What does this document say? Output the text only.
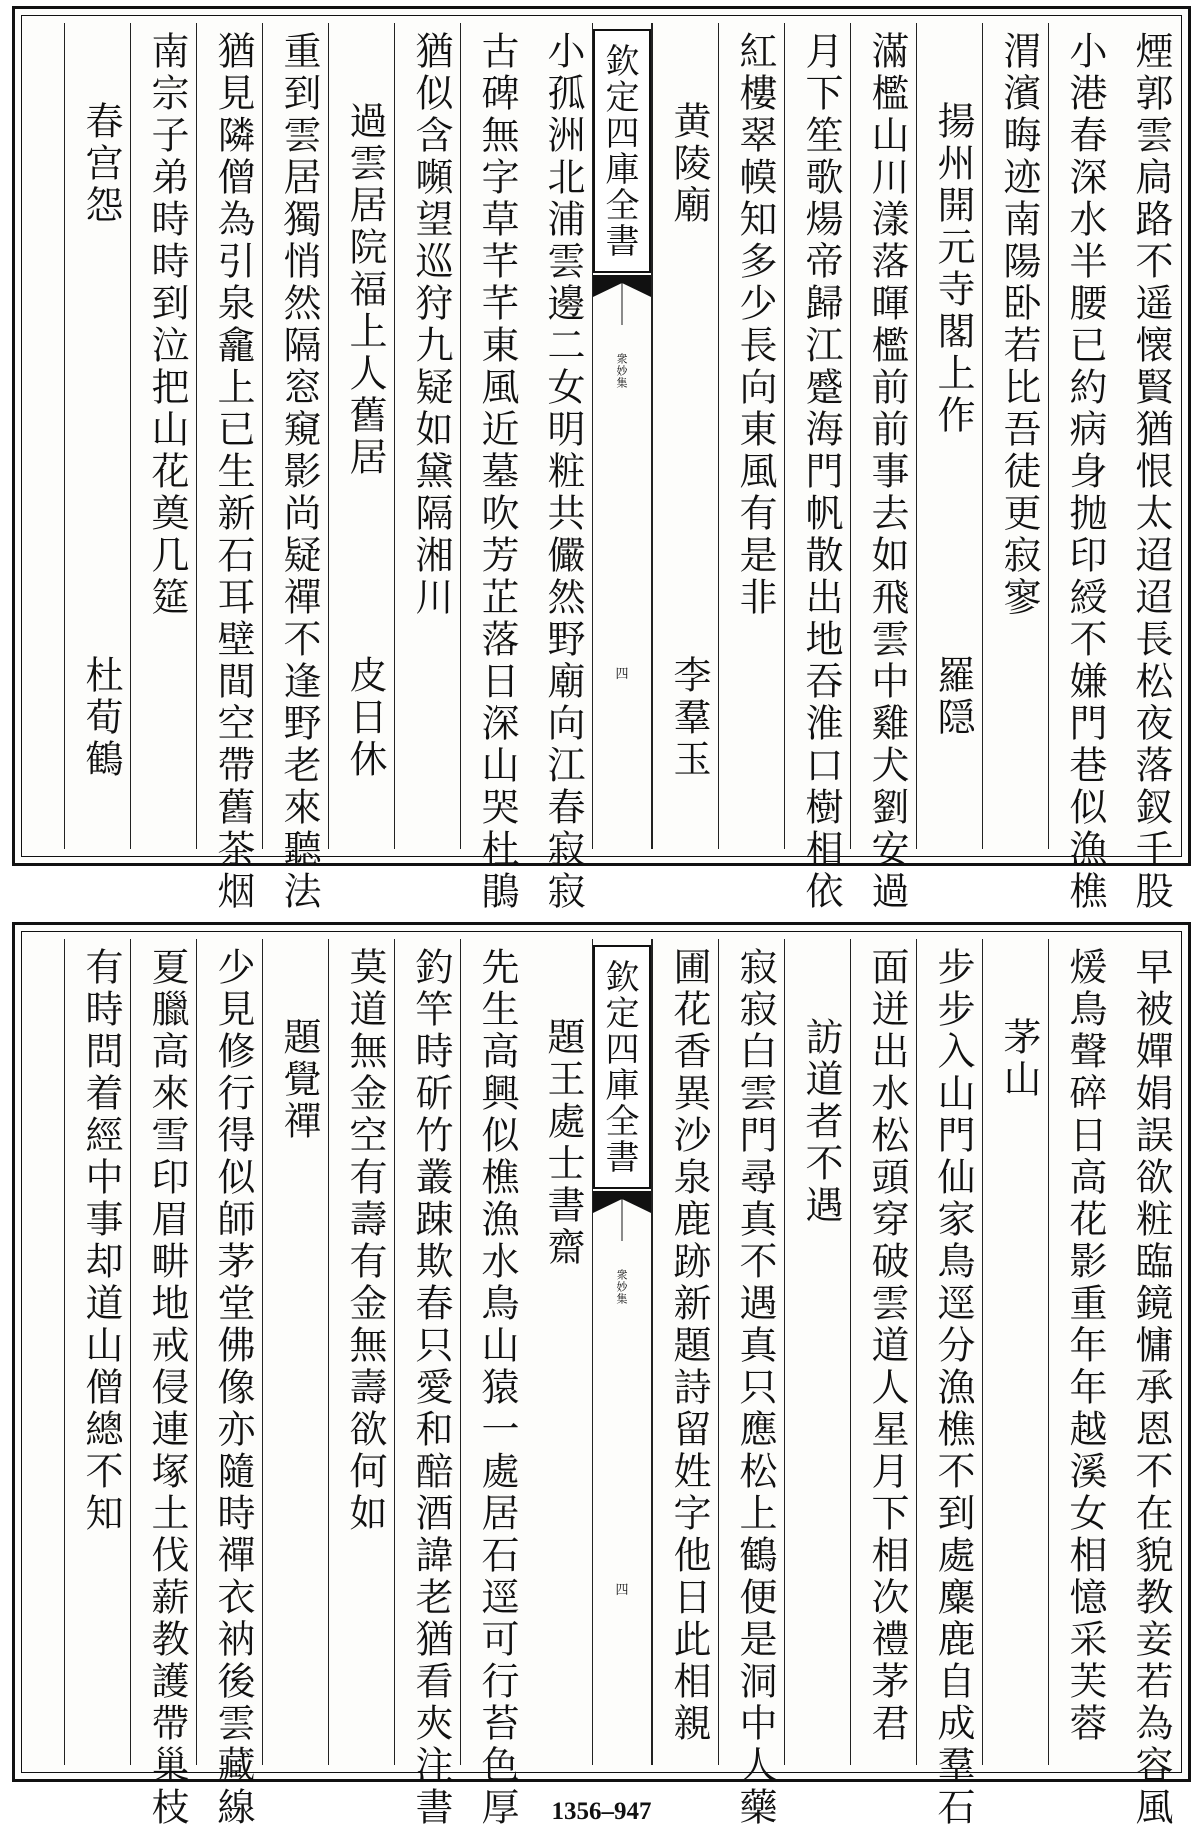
煙郭雲扃路不遥懐賢猶恨太迢迢長松夜落釵千股
小港春深水半腰已約病身抛印綬不嫌門巷似漁樵
渭濱晦迹南陽卧若比吾徒更寂寥
揚州開元寺閣上作
羅隠
滿檻山川漾落暉檻前前事去如飛雲中雞犬劉安過
月下笙歌煬帝歸江蹙海門帆散出地吞淮口樹相依
紅樓翠幙知多少長向東風有是非
黄陵廟
李羣玉
欽定四庫全書
衆妙集
四
小孤洲北浦雲邊二女明粧共儼然野廟向江春寂寂
古碑無字草芊芊東風近墓吹芳芷落日深山哭杜鵑
猶似含嚬望巡狩九疑如黛隔湘川
過雲居院福上人舊居
皮日休
重到雲居獨悄然隔窓窺影尚疑禪不逢野老來聽法
猶見隣僧為引泉龕上已生新石耳壁間空帶舊茶烟
南宗子弟時時到泣把山花奠几筵
春宫怨
杜荀鶴
早被嬋娟誤欲粧臨鏡慵承恩不在貌教妾若為容風
煖鳥聲碎日高花影重年年越溪女相憶采芙蓉
茅山
步步入山門仙家鳥逕分漁樵不到處麋鹿自成羣石
面迸出水松頭穿破雲道人星月下相次禮茅君
訪道者不遇
寂寂白雲門尋真不遇真只應松上鶴便是洞中人藥
圃花香異沙泉鹿跡新題詩留姓字他日此相親
欽定四庫全書
衆妙集
四
題王處士書齋
先生高興似樵漁水鳥山猿一處居石逕可行苔色厚
釣竿時斫竹叢踈欺春只愛和醅酒諱老猶看夾注書
莫道無金空有壽有金無壽欲何如
題覺禪
少見修行得似師茅堂佛像亦隨時禪衣衲後雲藏線
夏臘高來雪印眉畊地戒侵連塚土伐薪教護帶巢枝
有時問着經中事却道山僧總不知
1356–947
